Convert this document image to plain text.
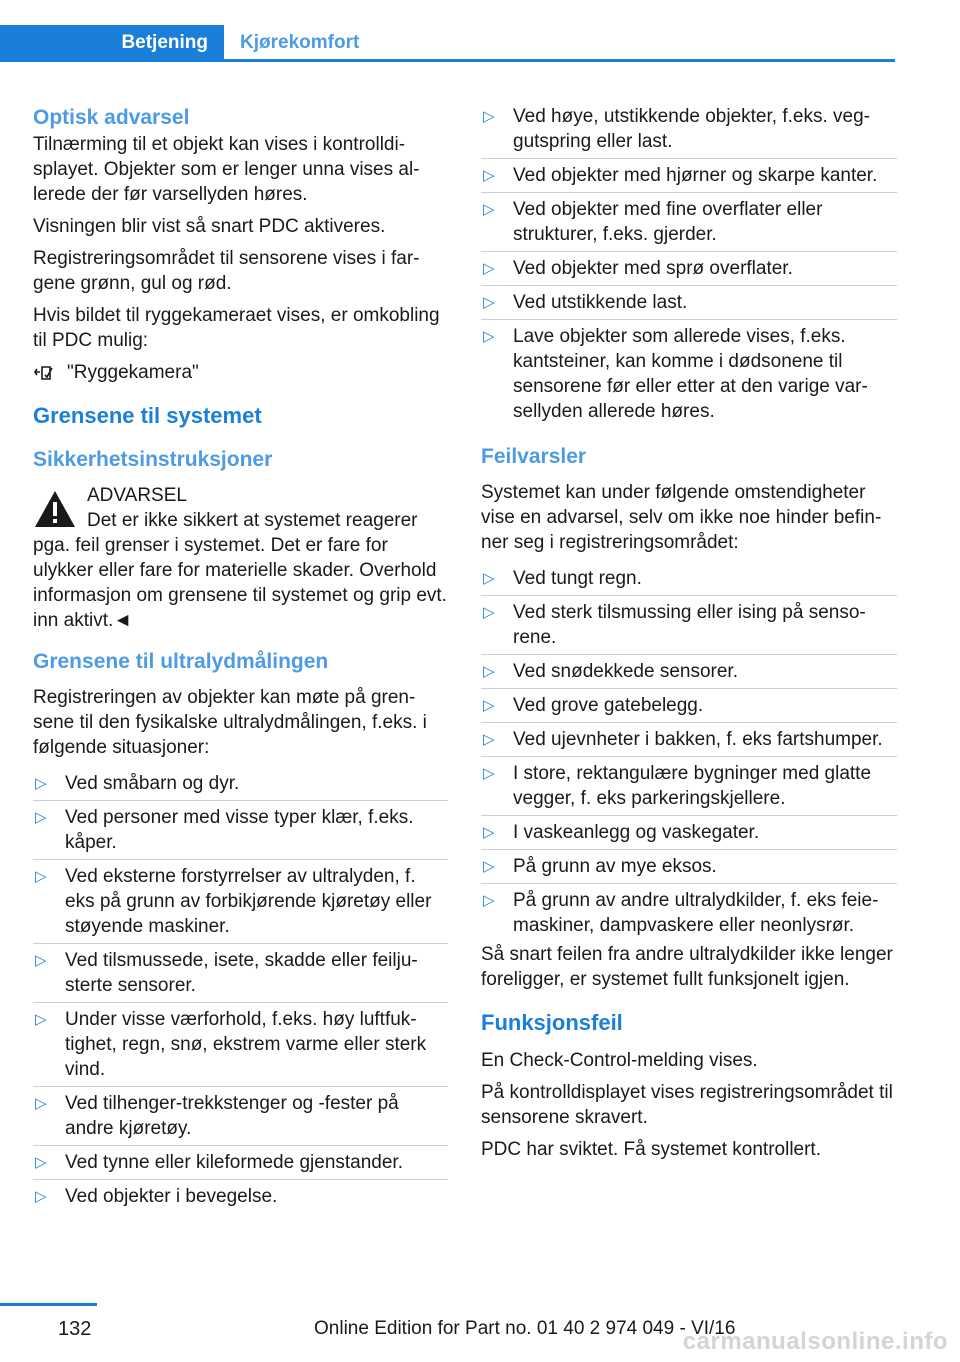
Betjening	Kjørekomfort
Optisk advarsel

Tilnærming til et objekt kan vises i kontrolldisplayet. Objekter som er lenger unna vises allerede der før varsellyden høres.

Visningen blir vist så snart PDC aktiveres.

Registreringsområdet til sensorene vises i fargene grønn, gul og rød.

Hvis bildet til ryggekameraet vises, er omkobling til PDC mulig:

"Ryggekamera"
Grensene til systemet
Sikkerhetsinstruksjoner

ADVARSEL

Det er ikke sikkert at systemet reagerer pga. feil grenser i systemet. Det er fare for ulykker eller fare for materielle skader. Overhold informasjon om grensene til systemet og grip evt. inn aktivt.◄

Grensene til ultralydmålingen

Registreringen av objekter kan møte på grensene til den fysikalske ultralydmålingen, f.eks. i følgende situasjoner:

▷ Ved småbarn og dyr.
▷ Ved personer med visse typer klær, f.eks. kåper.
▷ Ved eksterne forstyrrelser av ultralyden, f. eks på grunn av forbikjørende kjøretøy eller støyende maskiner.
▷ Ved tilsmussede, isete, skadde eller feiljusterte sensorer.
▷ Under visse værforhold, f.eks. høy luftfuktighet, regn, snø, ekstrem varme eller sterk vind.
▷ Ved tilhenger-trekkstenger og -fester på andre kjøretøy.
▷ Ved tynne eller kileformede gjenstander.
▷ Ved objekter i bevegelse.
▷ Ved høye, utstikkende objekter, f.eks. veggutspring eller last.
▷ Ved objekter med hjørner og skarpe kanter.
▷ Ved objekter med fine overflater eller strukturer, f.eks. gjerder.
▷ Ved objekter med sprø overflater.
▷ Ved utstikkende last.
▷ Lave objekter som allerede vises, f.eks. kantsteiner, kan komme i dødsonene til sensorene før eller etter at den varige varsellyden allerede høres.
Feilvarsler

Systemet kan under følgende omstendigheter vise en advarsel, selv om ikke noe hinder befinner seg i registreringsområdet:

▷ Ved tungt regn.
▷ Ved sterk tilsmussing eller ising på sensorene.
▷ Ved snødekkede sensorer.
▷ Ved grove gatebelegg.
▷ Ved ujevnheter i bakken, f. eks fartshumper.
▷ I store, rektangulære bygninger med glatte vegger, f. eks parkeringskjellere.
▷ I vaskeanlegg og vaskegater.
▷ På grunn av mye eksos.
▷ På grunn av andre ultralydkilder, f. eks feiemaskiner, dampvaskere eller neonlysrør.

Så snart feilen fra andre ultralydkilder ikke lenger foreligger, er systemet fullt funksjonelt igjen.

Funksjonsfeil

En Check-Control-melding vises.

På kontrolldisplayet vises registreringsområdet til sensorene skravert.

PDC har sviktet. Få systemet kontrollert.

132	Online Edition for Part no. 01 40 2 974 049 - VI/16
carmanualsonline.info
